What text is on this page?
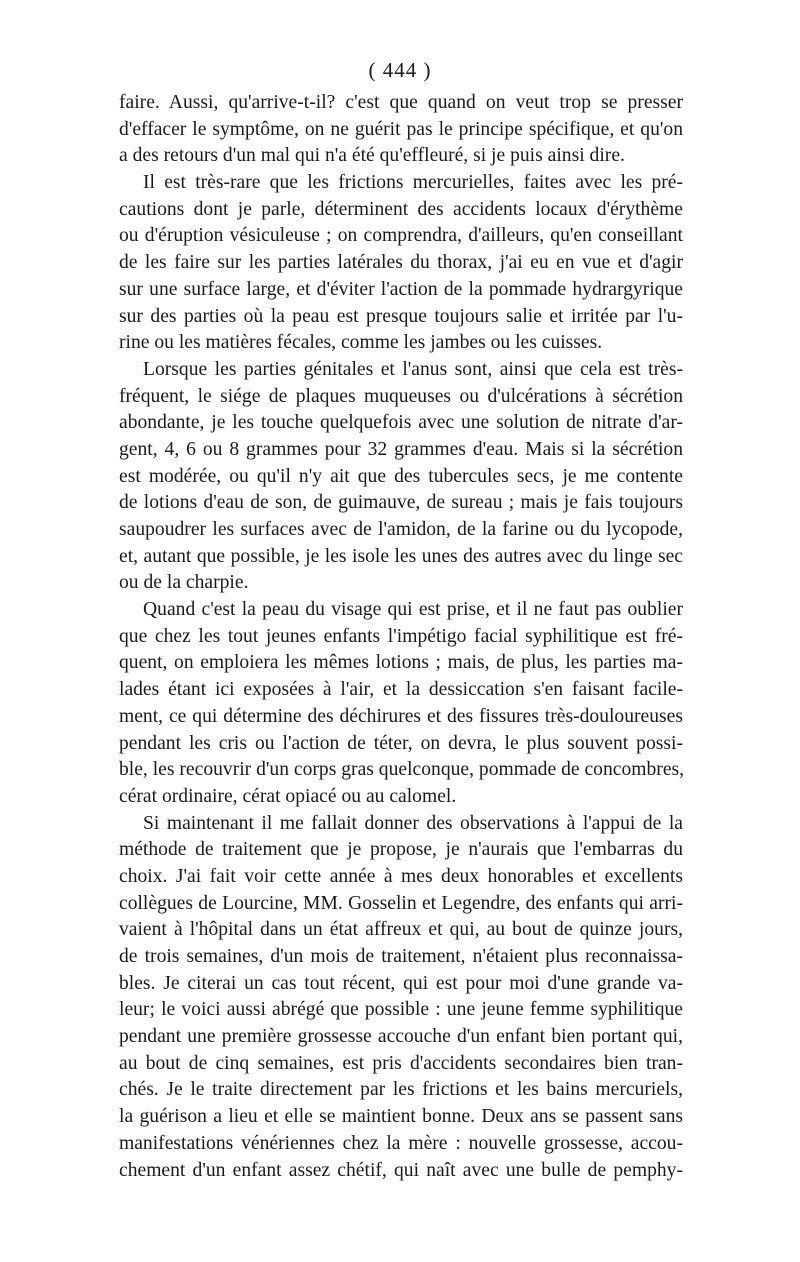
( 444 )
faire. Aussi, qu'arrive-t-il? c'est que quand on veut trop se presser
d'effacer le symptôme, on ne guérit pas le principe spécifique, et qu'on
a des retours d'un mal qui n'a été qu'effleuré, si je puis ainsi dire.
Il est très-rare que les frictions mercurielles, faites avec les pré-
cautions dont je parle, déterminent des accidents locaux d'érythème
ou d'éruption vésiculeuse ; on comprendra, d'ailleurs, qu'en conseillant
de les faire sur les parties latérales du thorax, j'ai eu en vue et d'agir
sur une surface large, et d'éviter l'action de la pommade hydrargyrique
sur des parties où la peau est presque toujours salie et irritée par l'u-
rine ou les matières fécales, comme les jambes ou les cuisses.
Lorsque les parties génitales et l'anus sont, ainsi que cela est très-
fréquent, le siége de plaques muqueuses ou d'ulcérations à sécrétion
abondante, je les touche quelquefois avec une solution de nitrate d'ar-
gent, 4, 6 ou 8 grammes pour 32 grammes d'eau. Mais si la sécrétion
est modérée, ou qu'il n'y ait que des tubercules secs, je me contente
de lotions d'eau de son, de guimauve, de sureau ; mais je fais toujours
saupoudrer les surfaces avec de l'amidon, de la farine ou du lycopode,
et, autant que possible, je les isole les unes des autres avec du linge sec
ou de la charpie.
Quand c'est la peau du visage qui est prise, et il ne faut pas oublier
que chez les tout jeunes enfants l'impétigo facial syphilitique est fré-
quent, on emploiera les mêmes lotions ; mais, de plus, les parties ma-
lades étant ici exposées à l'air, et la dessiccation s'en faisant facile-
ment, ce qui détermine des déchirures et des fissures très-douloureuses
pendant les cris ou l'action de téter, on devra, le plus souvent possi-
ble, les recouvrir d'un corps gras quelconque, pommade de concombres,
cérat ordinaire, cérat opiacé ou au calomel.
Si maintenant il me fallait donner des observations à l'appui de la
méthode de traitement que je propose, je n'aurais que l'embarras du
choix. J'ai fait voir cette année à mes deux honorables et excellents
collègues de Lourcine, MM. Gosselin et Legendre, des enfants qui arri-
vaient à l'hôpital dans un état affreux et qui, au bout de quinze jours,
de trois semaines, d'un mois de traitement, n'étaient plus reconnaissa-
bles. Je citerai un cas tout récent, qui est pour moi d'une grande va-
leur; le voici aussi abrégé que possible : une jeune femme syphilitique
pendant une première grossesse accouche d'un enfant bien portant qui,
au bout de cinq semaines, est pris d'accidents secondaires bien tran-
chés. Je le traite directement par les frictions et les bains mercuriels,
la guérison a lieu et elle se maintient bonne. Deux ans se passent sans
manifestations vénériennes chez la mère : nouvelle grossesse, accou-
chement d'un enfant assez chétif, qui naît avec une bulle de pemphy-
